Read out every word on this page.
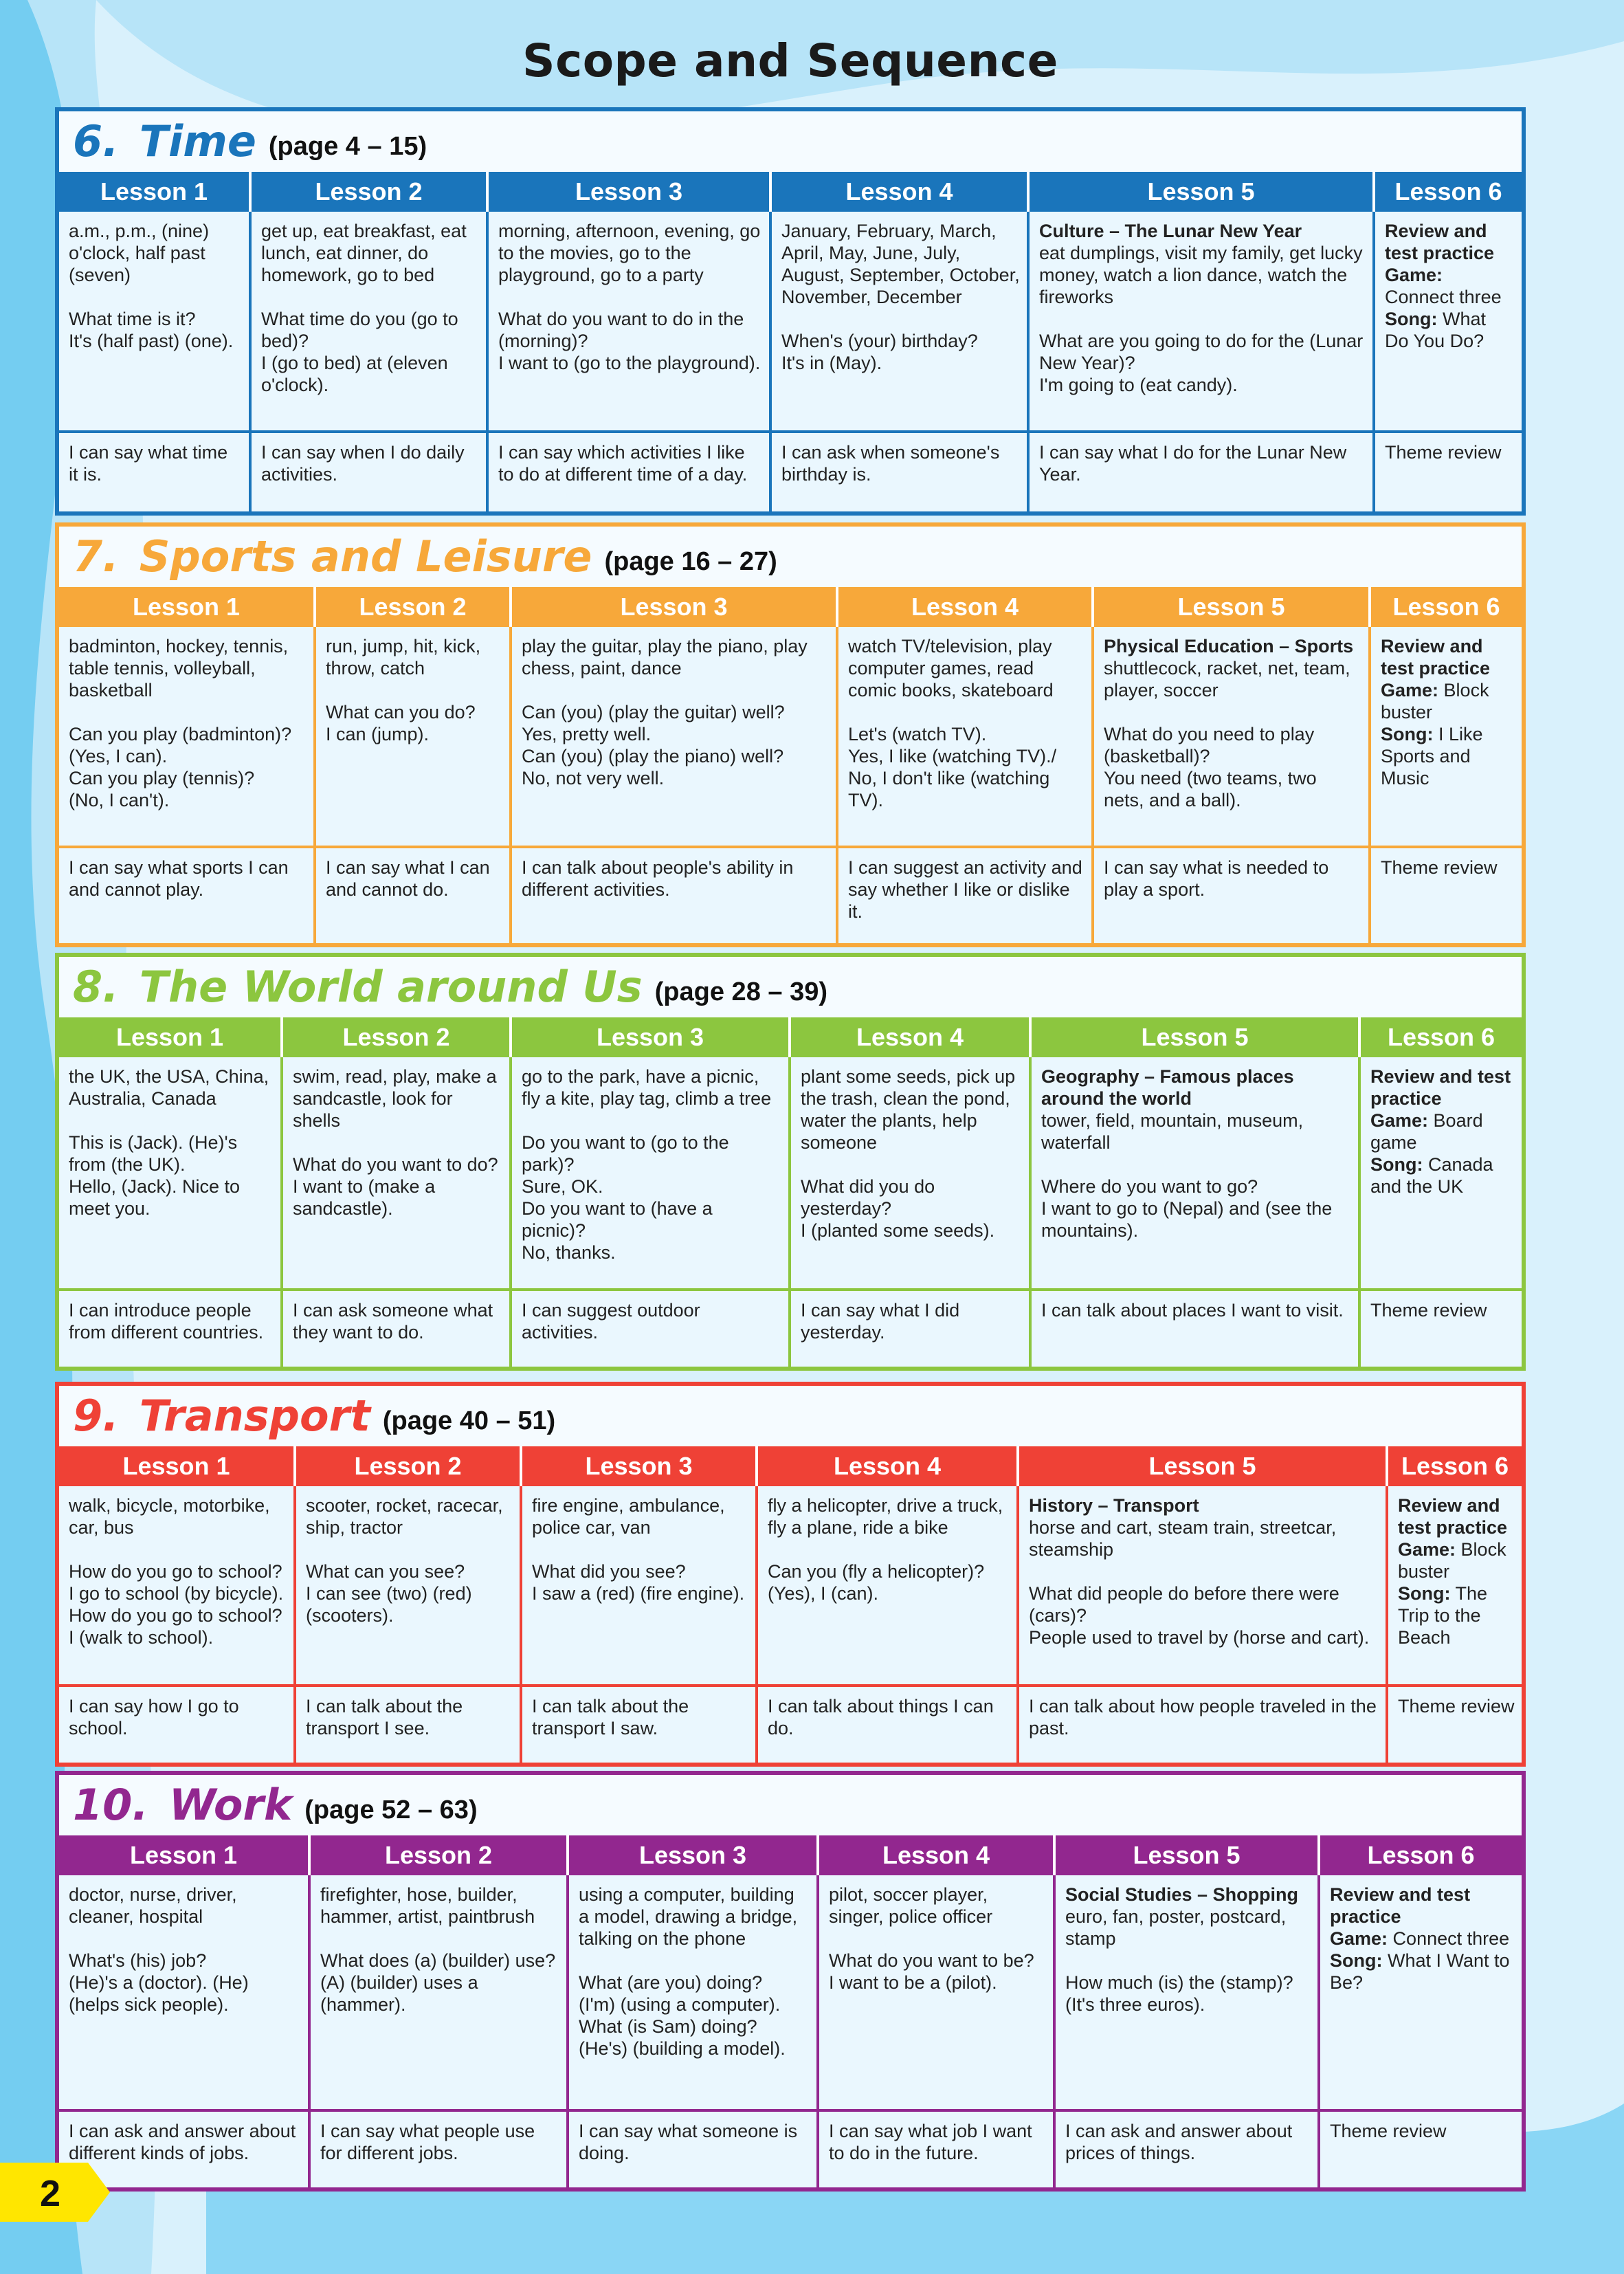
Scope and Sequence
6. Time (page 4 – 15)
Lesson 1	Lesson 2	Lesson 3	Lesson 4	Lesson 5	Lesson 6

a.m., p.m., (nine) o'clock, half past (seven)

What time is it?
It's (half past) (one).	get up, eat breakfast, eat lunch, eat dinner, do homework, go to bed

What time do you (go to bed)?
I (go to bed) at (eleven o'clock).	morning, afternoon, evening, go to the movies, go to the playground, go to a party

What do you want to do in the (morning)?
I want to (go to the playground).	January, February, March, April, May, June, July, August, September, October, November, December

When's (your) birthday?
It's in (May).	Culture – The Lunar New Year
eat dumplings, visit my family, get lucky money, watch a lion dance, watch the fireworks

What are you going to do for the (Lunar New Year)?
I'm going to (eat candy).	Review and test practice
Game: Connect three
Song: What Do You Do?

I can say what time it is.	I can say when I do daily activities.	I can say which activities I like to do at different time of a day.	I can ask when someone's birthday is.	I can say what I do for the Lunar New Year.	Theme review
7. Sports and Leisure (page 16 – 27)
Lesson 1	Lesson 2	Lesson 3	Lesson 4	Lesson 5	Lesson 6

badminton, hockey, tennis, table tennis, volleyball, basketball

Can you play (badminton)?
(Yes, I can).
Can you play (tennis)?
(No, I can't).	run, jump, hit, kick, throw, catch

What can you do?
I can (jump).	play the guitar, play the piano, play chess, paint, dance

Can (you) (play the guitar) well?
Yes, pretty well.
Can (you) (play the piano) well?
No, not very well.	watch TV/television, play computer games, read comic books, skateboard

Let's (watch TV).
Yes, I like (watching TV)./ No, I don't like (watching TV).	Physical Education – Sports
shuttlecock, racket, net, team, player, soccer

What do you need to play (basketball)?
You need (two teams, two nets, and a ball).	Review and test practice
Game: Block buster
Song: I Like Sports and Music

I can say what sports I can and cannot play.	I can say what I can and cannot do.	I can talk about people's ability in different activities.	I can suggest an activity and say whether I like or dislike it.	I can say what is needed to play a sport.	Theme review
8. The World around Us (page 28 – 39)
Lesson 1	Lesson 2	Lesson 3	Lesson 4	Lesson 5	Lesson 6

the UK, the USA, China, Australia, Canada

This is (Jack). (He)'s from (the UK).
Hello, (Jack). Nice to meet you.	swim, read, play, make a sandcastle, look for shells

What do you want to do?
I want to (make a sandcastle).	go to the park, have a picnic, fly a kite, play tag, climb a tree

Do you want to (go to the park)?
Sure, OK.
Do you want to (have a picnic)?
No, thanks.	plant some seeds, pick up the trash, clean the pond, water the plants, help someone

What did you do yesterday?
I (planted some seeds).	Geography – Famous places around the world
tower, field, mountain, museum, waterfall

Where do you want to go?
I want to go to (Nepal) and (see the mountains).	Review and test practice
Game: Board game
Song: Canada and the UK

I can introduce people from different countries.	I can ask someone what they want to do.	I can suggest outdoor activities.	I can say what I did yesterday.	I can talk about places I want to visit.	Theme review
9. Transport (page 40 – 51)
Lesson 1	Lesson 2	Lesson 3	Lesson 4	Lesson 5	Lesson 6

walk, bicycle, motorbike, car, bus

How do you go to school?
I go to school (by bicycle).
How do you go to school?
I (walk to school).	scooter, rocket, racecar, ship, tractor

What can you see?
I can see (two) (red) (scooters).	fire engine, ambulance, police car, van

What did you see?
I saw a (red) (fire engine).	fly a helicopter, drive a truck, fly a plane, ride a bike

Can you (fly a helicopter)?
(Yes), I (can).	History – Transport
horse and cart, steam train, streetcar, steamship

What did people do before there were (cars)?
People used to travel by (horse and cart).	Review and test practice
Game: Block buster
Song: The Trip to the Beach

I can say how I go to school.	I can talk about the transport I see.	I can talk about the transport I saw.	I can talk about things I can do.	I can talk about how people traveled in the past.	Theme review
10. Work (page 52 – 63)
Lesson 1	Lesson 2	Lesson 3	Lesson 4	Lesson 5	Lesson 6

doctor, nurse, driver, cleaner, hospital

What's (his) job?
(He)'s a (doctor). (He) (helps sick people).	firefighter, hose, builder, hammer, artist, paintbrush

What does (a) (builder) use?
(A) (builder) uses a (hammer).	using a computer, building a model, drawing a bridge, talking on the phone

What (are you) doing?
(I'm) (using a computer).
What (is Sam) doing?
(He's) (building a model).	pilot, soccer player, singer, police officer

What do you want to be?
I want to be a (pilot).	Social Studies – Shopping
euro, fan, poster, postcard, stamp

How much (is) the (stamp)?
(It's three euros).	Review and test practice
Game: Connect three
Song: What I Want to Be?

I can ask and answer about different kinds of jobs.	I can say what people use for different jobs.	I can say what someone is doing.	I can say what job I want to do in the future.	I can ask and answer about prices of things.	Theme review
2
